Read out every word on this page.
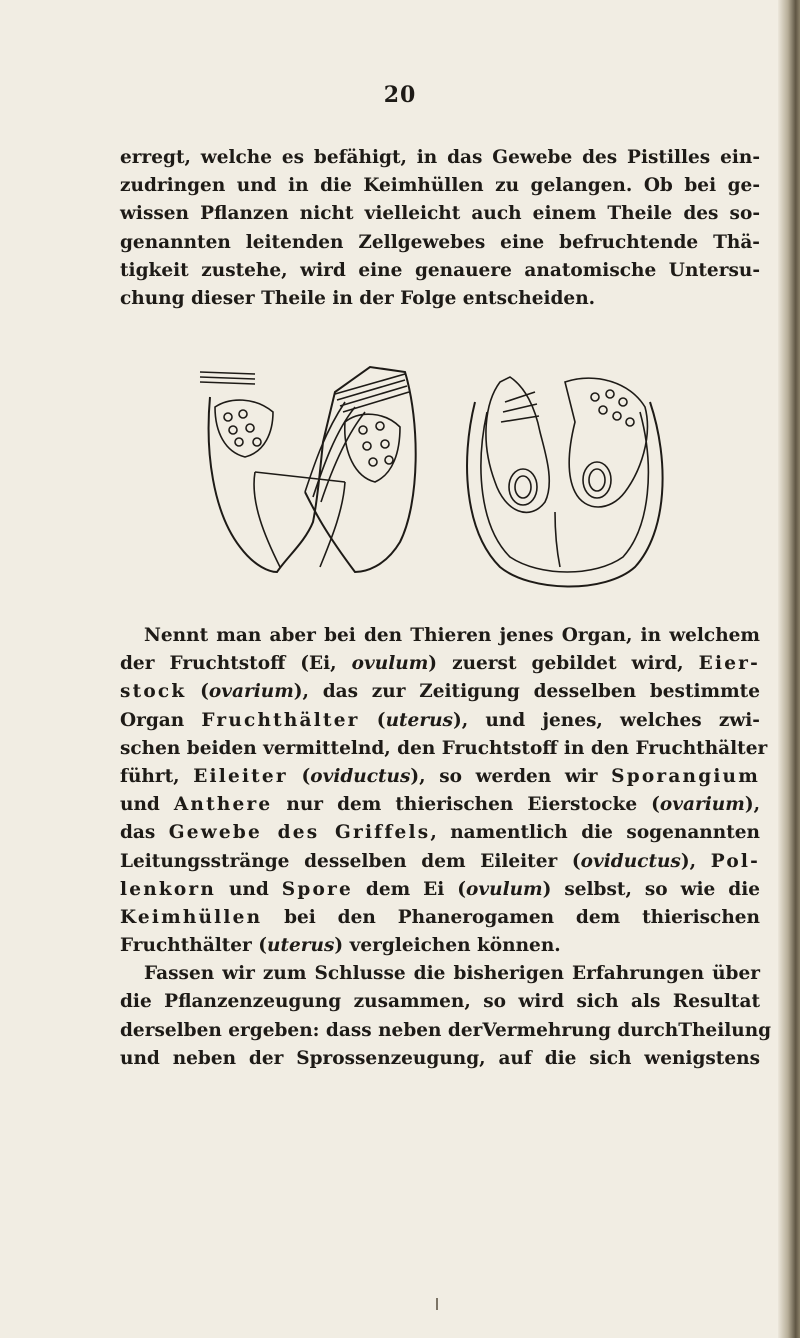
20
erregt, welche es befähigt, in das Gewebe des Pistilles ein-
zudringen und in die Keimhüllen zu gelangen. Ob bei ge-
wissen Pflanzen nicht vielleicht auch einem Theile des so-
genannten leitenden Zellgewebes eine befruchtende Thä-
tigkeit zustehe, wird eine genauere anatomische Untersu-
chung dieser Theile in der Folge entscheiden.
Nennt man aber bei den Thieren jenes Organ, in welchem
der Fruchtstoff (Ei, ovulum) zuerst gebildet wird, Eier-
stock (ovarium), das zur Zeitigung desselben bestimmte
Organ Fruchthälter (uterus), und jenes, welches zwi-
schen beiden vermittelnd, den Fruchtstoff in den Fruchthälter
führt, Eileiter (oviductus), so werden wir Sporangium
und Anthere nur dem thierischen Eierstocke (ovarium),
das Gewebe des Griffels, namentlich die sogenannten
Leitungsstränge desselben dem Eileiter (oviductus), Pol-
lenkorn und Spore dem Ei (ovulum) selbst, so wie die
Keimhüllen bei den Phanerogamen dem thierischen
Fruchthälter (uterus) vergleichen können.
Fassen wir zum Schlusse die bisherigen Erfahrungen über
die Pflanzenzeugung zusammen, so wird sich als Resultat
derselben ergeben: dass neben derVermehrung durchTheilung
und neben der Sprossenzeugung, auf die sich wenigstens
